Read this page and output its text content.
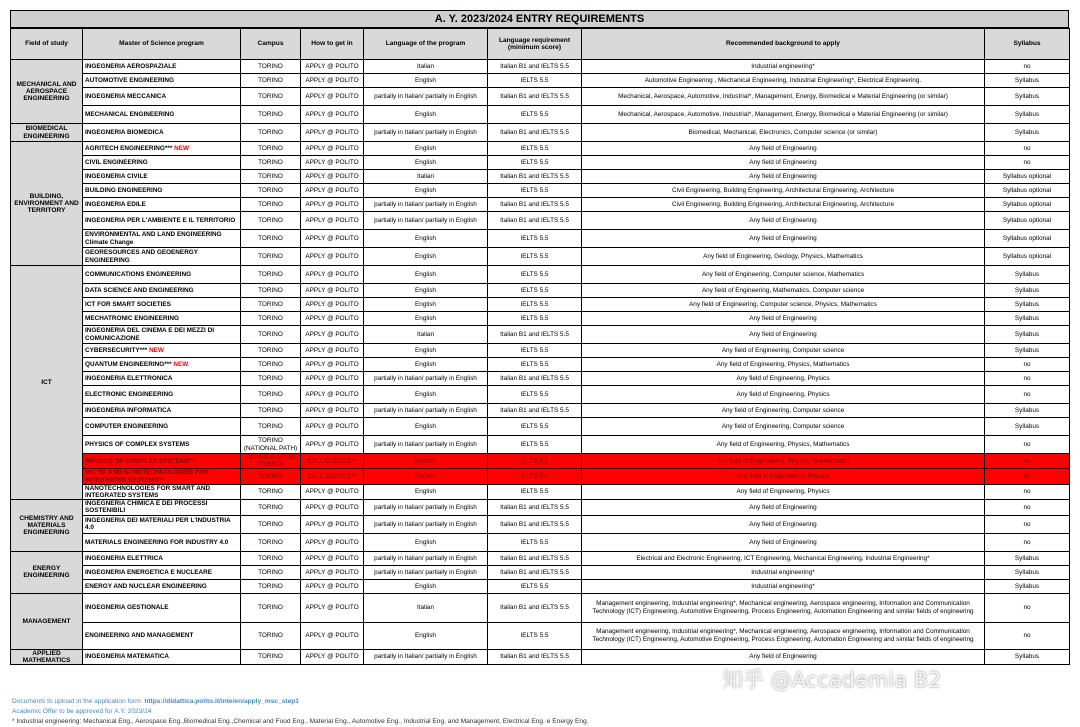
A. Y. 2023/2024 ENTRY REQUIREMENTS
Field of study	Master of Science program	Campus	How to get in	Language of the program	Language requirement (minimum score)	Recommended background to apply	Syllabus
MECHANICAL AND AEROSPACE ENGINEERING	INGEGNERIA AEROSPAZIALE	TORINO	APPLY @ POLITO	Italian	Italian B1 and IELTS 5.5	Industrial engineering*	no
	AUTOMOTIVE ENGINEERING	TORINO	APPLY @ POLITO	English	IELTS 5.5	Automotive Engineering , Mechanical Engineering, Industrial Engineering*, Electrical Engineering.	Syllabus
	INGEGNERIA MECCANICA	TORINO	APPLY @ POLITO	partially in Italian/ partially in English	Italian B1 and IELTS 5.5	Mechanical, Aerospace, Automotive, Industrial*, Management, Energy, Biomedical e Material Engineering (or similar)	Syllabus
	MECHANICAL ENGINEERING	TORINO	APPLY @ POLITO	English	IELTS 5.5	Mechanical, Aerospace, Automotive, Industrial*, Management, Energy, Biomedical e Material Engineering (or similar)	Syllabus
BIOMEDICAL ENGINEERING	INGEGNERIA BIOMEDICA	TORINO	APPLY @ POLITO	partially in Italian/ partially in English	Italian B1 and IELTS 5.5	Biomedical, Mechanical, Electronics, Computer science (or similar)	Syllabus
BUILDING, ENVIRONMENT AND TERRITORY	AGRITECH ENGINEERING*** NEW	TORINO	APPLY @ POLITO	English	IELTS 5.5	Any field of Engineering	no
	CIVIL ENGINEERING	TORINO	APPLY @ POLITO	English	IELTS 5.5	Any field of Engineering	no
	INGEGNERIA CIVILE	TORINO	APPLY @ POLITO	Italian	Italian B1 and IELTS 5.5	Any field of Engineering	Syllabus optional
	BUILDING ENGINEERING	TORINO	APPLY @ POLITO	English	IELTS 5.5	Civil Engineering, Building Engineering, Architectural Engineering, Architecture	Syllabus optional
	INGEGNERIA EDILE	TORINO	APPLY @ POLITO	partially in Italian/ partially in English	Italian B1 and IELTS 5.5	Civil Engineering, Building Engineering, Architectural Engineering, Architecture	Syllabus optional
	INGEGNERIA PER L'AMBIENTE E IL TERRITORIO	TORINO	APPLY @ POLITO	partially in Italian/ partially in English	Italian B1 and IELTS 5.5	Any field of Engineering	Syllabus optional
	ENVIRONMENTAL AND LAND ENGINEERING Climate Change	TORINO	APPLY @ POLITO	English	IELTS 5.5	Any field of Engineering	Syllabus optional
	GEORESOURCES AND GEOENERGY ENGINEERING	TORINO	APPLY @ POLITO	English	IELTS 5.5	Any field of Engineering, Geology, Physics, Mathematics	Syllabus optional
ICT	COMMUNICATIONS ENGINEERING	TORINO	APPLY @ POLITO	English	IELTS 5.5	Any field of Engineering, Computer science, Mathematics	Syllabus
	DATA SCIENCE AND ENGINEERING	TORINO	APPLY @ POLITO	English	IELTS 5.5	Any field of Engineering, Mathematics, Computer science	Syllabus
	ICT FOR SMART SOCIETIES	TORINO	APPLY @ POLITO	English	IELTS 5.5	Any field of Engineering, Computer science, Physics, Mathematics	Syllabus
	MECHATRONIC ENGINEERING	TORINO	APPLY @ POLITO	English	IELTS 5.5	Any field of Engineering	Syllabus
	INGEGNERIA DEL CINEMA E DEI MEZZI DI COMUNICAZIONE	TORINO	APPLY @ POLITO	Italian	Italian B1 and IELTS 5.5	Any field of Engineering	Syllabus
	CYBERSECURITY*** NEW	TORINO	APPLY @ POLITO	English	IELTS 5.5	Any field of Engineering, Computer science	Syllabus
	QUANTUM ENGINEERING*** NEW	TORINO	APPLY @ POLITO	English	IELTS 5.5	Any field of Engineering, Physics, Mathematics	no
	INGEGNERIA ELETTRONICA	TORINO	APPLY @ POLITO	partially in Italian/ partially in English	Italian B1 and IELTS 5.5	Any field of Engineering, Physics	no
	ELECTRONIC ENGINEERING	TORINO	APPLY @ POLITO	English	IELTS 5.5	Any field of Engineering, Physics	no
	INGEGNERIA INFORMATICA	TORINO	APPLY @ POLITO	partially in Italian/ partially in English	Italian B1 and IELTS 5.5	Any field of Engineering, Computer science	Syllabus
	COMPUTER ENGINEERING	TORINO	APPLY @ POLITO	English	IELTS 5.5	Any field of Engineering, Computer science	Syllabus
	PHYSICS OF COMPLEX SYSTEMS	TORINO (NATIONAL PATH)	APPLY @ POLITO	partially in Italian/ partially in English	IELTS 5.5	Any field of Engineering, Physics, Mathematics	no
	PHYSICS OF COMPLEX SYSTEMS**	TORINO/PARIGI/ TRIESTE	CALL CLOSED**	English	IELTS 5.5	Any field of Engineering, Physics, Mathematics	no
	MICRO AND NANOTECHNOLOGIES FOR INTEGRATED SYSTEMS**	TORINO	CALL CLOSED**	English	IELTS 5.5	Any field of Engineering, Physics	no
	NANOTECHNOLOGIES FOR SMART AND INTEGRATED SYSTEMS	TORINO	APPLY @ POLITO	English	IELTS 5.5	Any field of Engineering, Physics	no
CHEMISTRY AND MATERIALS ENGINEERING	INGEGNERIA CHIMICA E DEI PROCESSI SOSTENIBILI	TORINO	APPLY @ POLITO	partially in Italian/ partially in English	Italian B1 and IELTS 5.5	Any field of Engineering	no
	INGEGNERIA DEI MATERIALI PER L'INDUSTRIA 4.0	TORINO	APPLY @ POLITO	partially in Italian/ partially in English	Italian B1 and IELTS 5.5	Any field of Engineering	no
	MATERIALS ENGINEERING FOR INDUSTRY 4.0	TORINO	APPLY @ POLITO	English	IELTS 5.5	Any field of Engineering	no
ENERGY ENGINEERING	INGEGNERIA ELETTRICA	TORINO	APPLY @ POLITO	partially in Italian/ partially in English	Italian B1 and IELTS 5.5	Electrical and Electronic Engineering, ICT Engineering, Mechanical Engineering, Industrial Engineering*	Syllabus
	INGEGNERIA ENERGETICA E NUCLEARE	TORINO	APPLY @ POLITO	partially in Italian/ partially in English	Italian B1 and IELTS 5.5	Industrial engineering*	Syllabus
	ENERGY AND NUCLEAR ENGINEERING	TORINO	APPLY @ POLITO	English	IELTS 5.5	Industrial engineering*	Syllabus
MANAGEMENT	INGEGNERIA GESTIONALE	TORINO	APPLY @ POLITO	Italian	Italian B1 and IELTS 5.5	Management engineering, Industrial engineering*, Mechanical engineering, Aerospace engineering, Information and Communication Technology (ICT) Engineering, Automotive Engineering, Process Engineering, Automation Engineering and similar fields of engineering	no
	ENGINEERING AND MANAGEMENT	TORINO	APPLY @ POLITO	English	IELTS 5.5	Management engineering, Industrial engineering*, Mechanical engineering, Aerospace engineering, Information and Communication Technology (ICT) Engineering, Automotive Engineering, Process Engineering, Automation Engineering and similar fields of engineering	no
APPLIED MATHEMATICS	INGEGNERIA MATEMATICA	TORINO	APPLY @ POLITO	partially in Italian/ partially in English	Italian B1 and IELTS 5.5	Any field of Engineering	Syllabus
Documents to upload in the application form: https://didattica.polito.it/inte/en/apply_msc_step1
Academic Offer to be approved for A.Y. 2023/24
* Industrial engineering: Mechanical Eng., Aerospace Eng.,Biomedical Eng.,Chemical and Food Eng., Material Eng., Automotive Eng., Industrial Eng. and Management, Electrical Eng. e Energy Eng.
知乎 @Accademia B2
